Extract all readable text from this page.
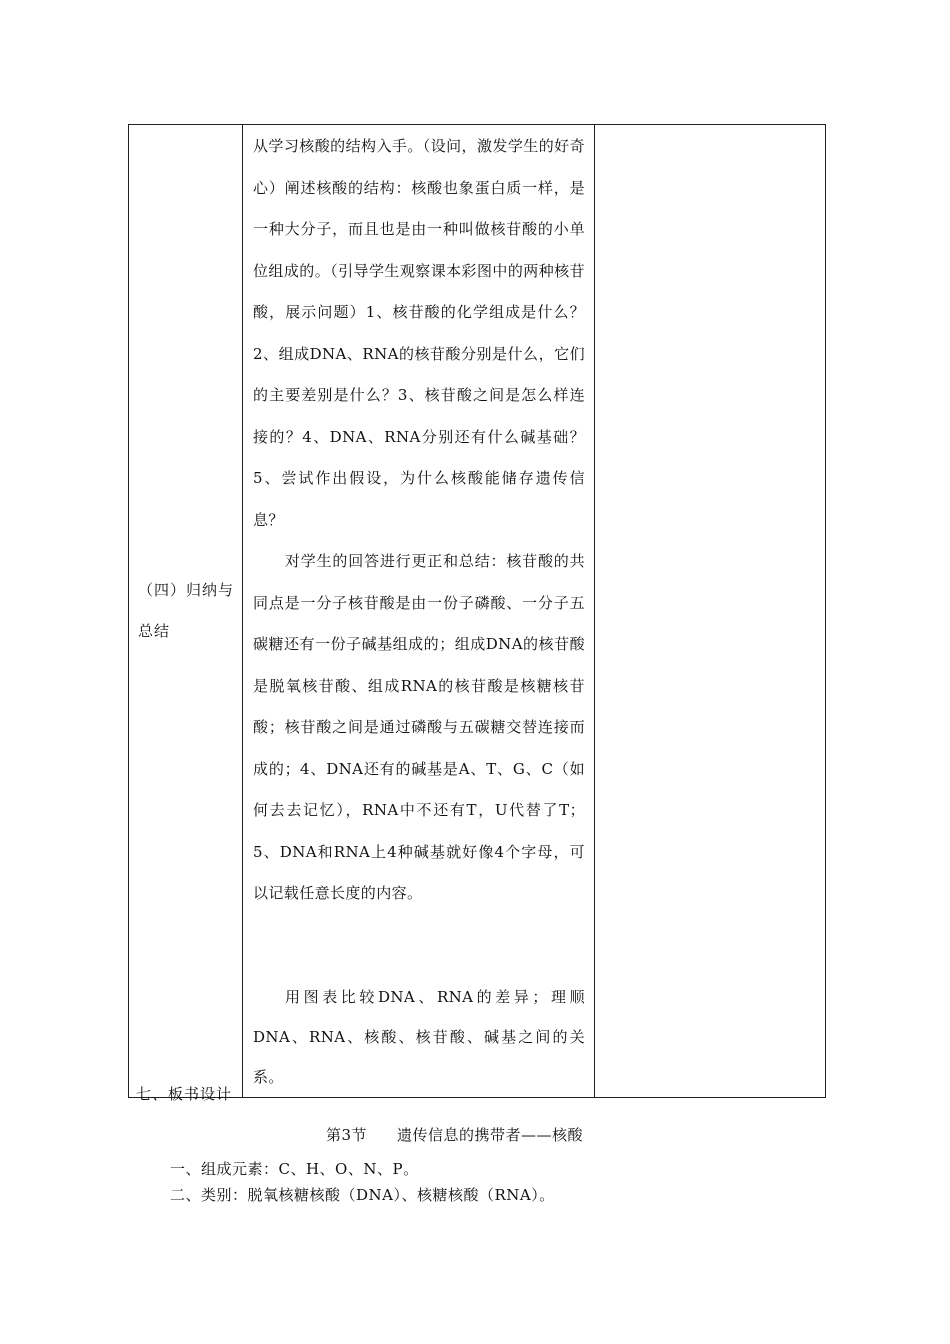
（四）归纳与总结

从学习核酸的结构入手。（设问，激发学生的好奇心）阐述核酸的结构：核酸也象蛋白质一样，是一种大分子，而且也是由一种叫做核苷酸的小单位组成的。（引导学生观察课本彩图中的两种核苷酸，展示问题）1、核苷酸的化学组成是什么？2、组成DNA、RNA的核苷酸分别是什么，它们的主要差别是什么？3、核苷酸之间是怎么样连接的？4、DNA、RNA分别还有什么碱基础？5、尝试作出假设，为什么核酸能储存遗传信息？

对学生的回答进行更正和总结：核苷酸的共同点是一分子核苷酸是由一份子磷酸、一分子五碳糖还有一份子碱基组成的；组成DNA的核苷酸是脱氧核苷酸、组成RNA的核苷酸是核糖核苷酸；核苷酸之间是通过磷酸与五碳糖交替连接而成的；4、DNA还有的碱基是A、T、G、C（如何去去记忆），RNA中不还有T，U代替了T；5、DNA和RNA上4种碱基就好像4个字母，可以记载任意长度的内容。

用图表比较DNA、RNA的差异；理顺DNA、RNA、核酸、核苷酸、碱基之间的关系。

七、板书设计
第3节 遗传信息的携带者——核酸
一、组成元素：C、H、O、N、P。
二、类别：脱氧核糖核酸（DNA）、核糖核酸（RNA）。
